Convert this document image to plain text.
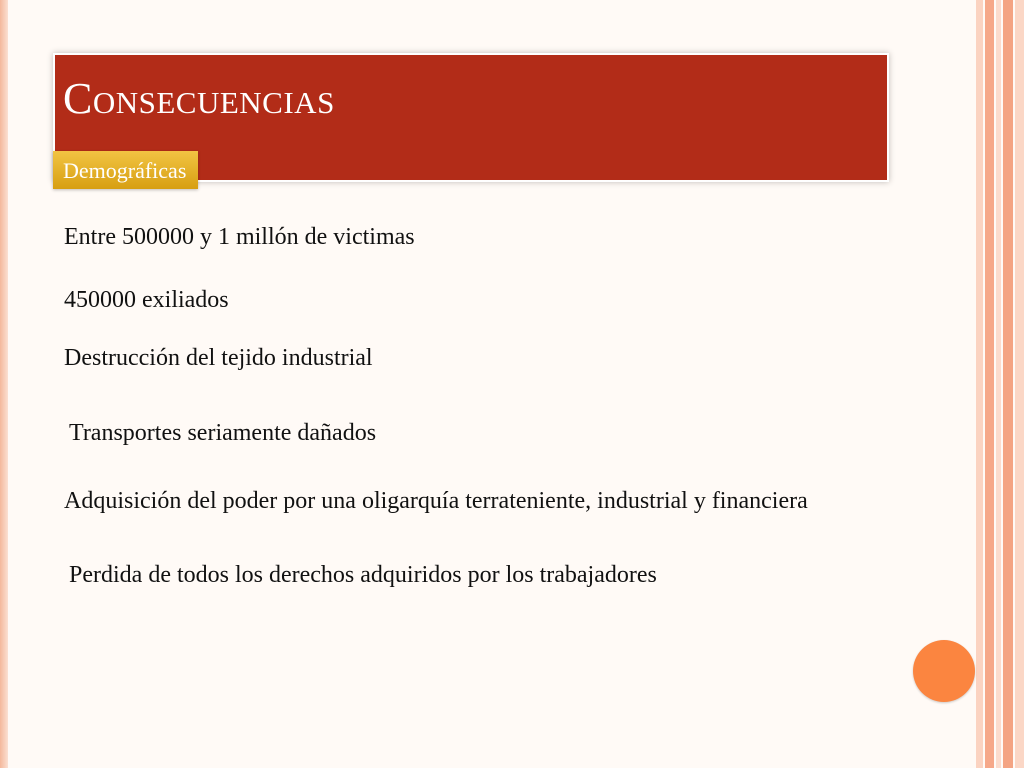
Consecuencias
Demográficas
Entre 500000 y 1 millón de victimas
450000 exiliados
Destrucción del tejido industrial
Transportes seriamente dañados
Adquisición del poder por una oligarquía terrateniente, industrial y financiera
Perdida de todos los derechos adquiridos por los trabajadores
